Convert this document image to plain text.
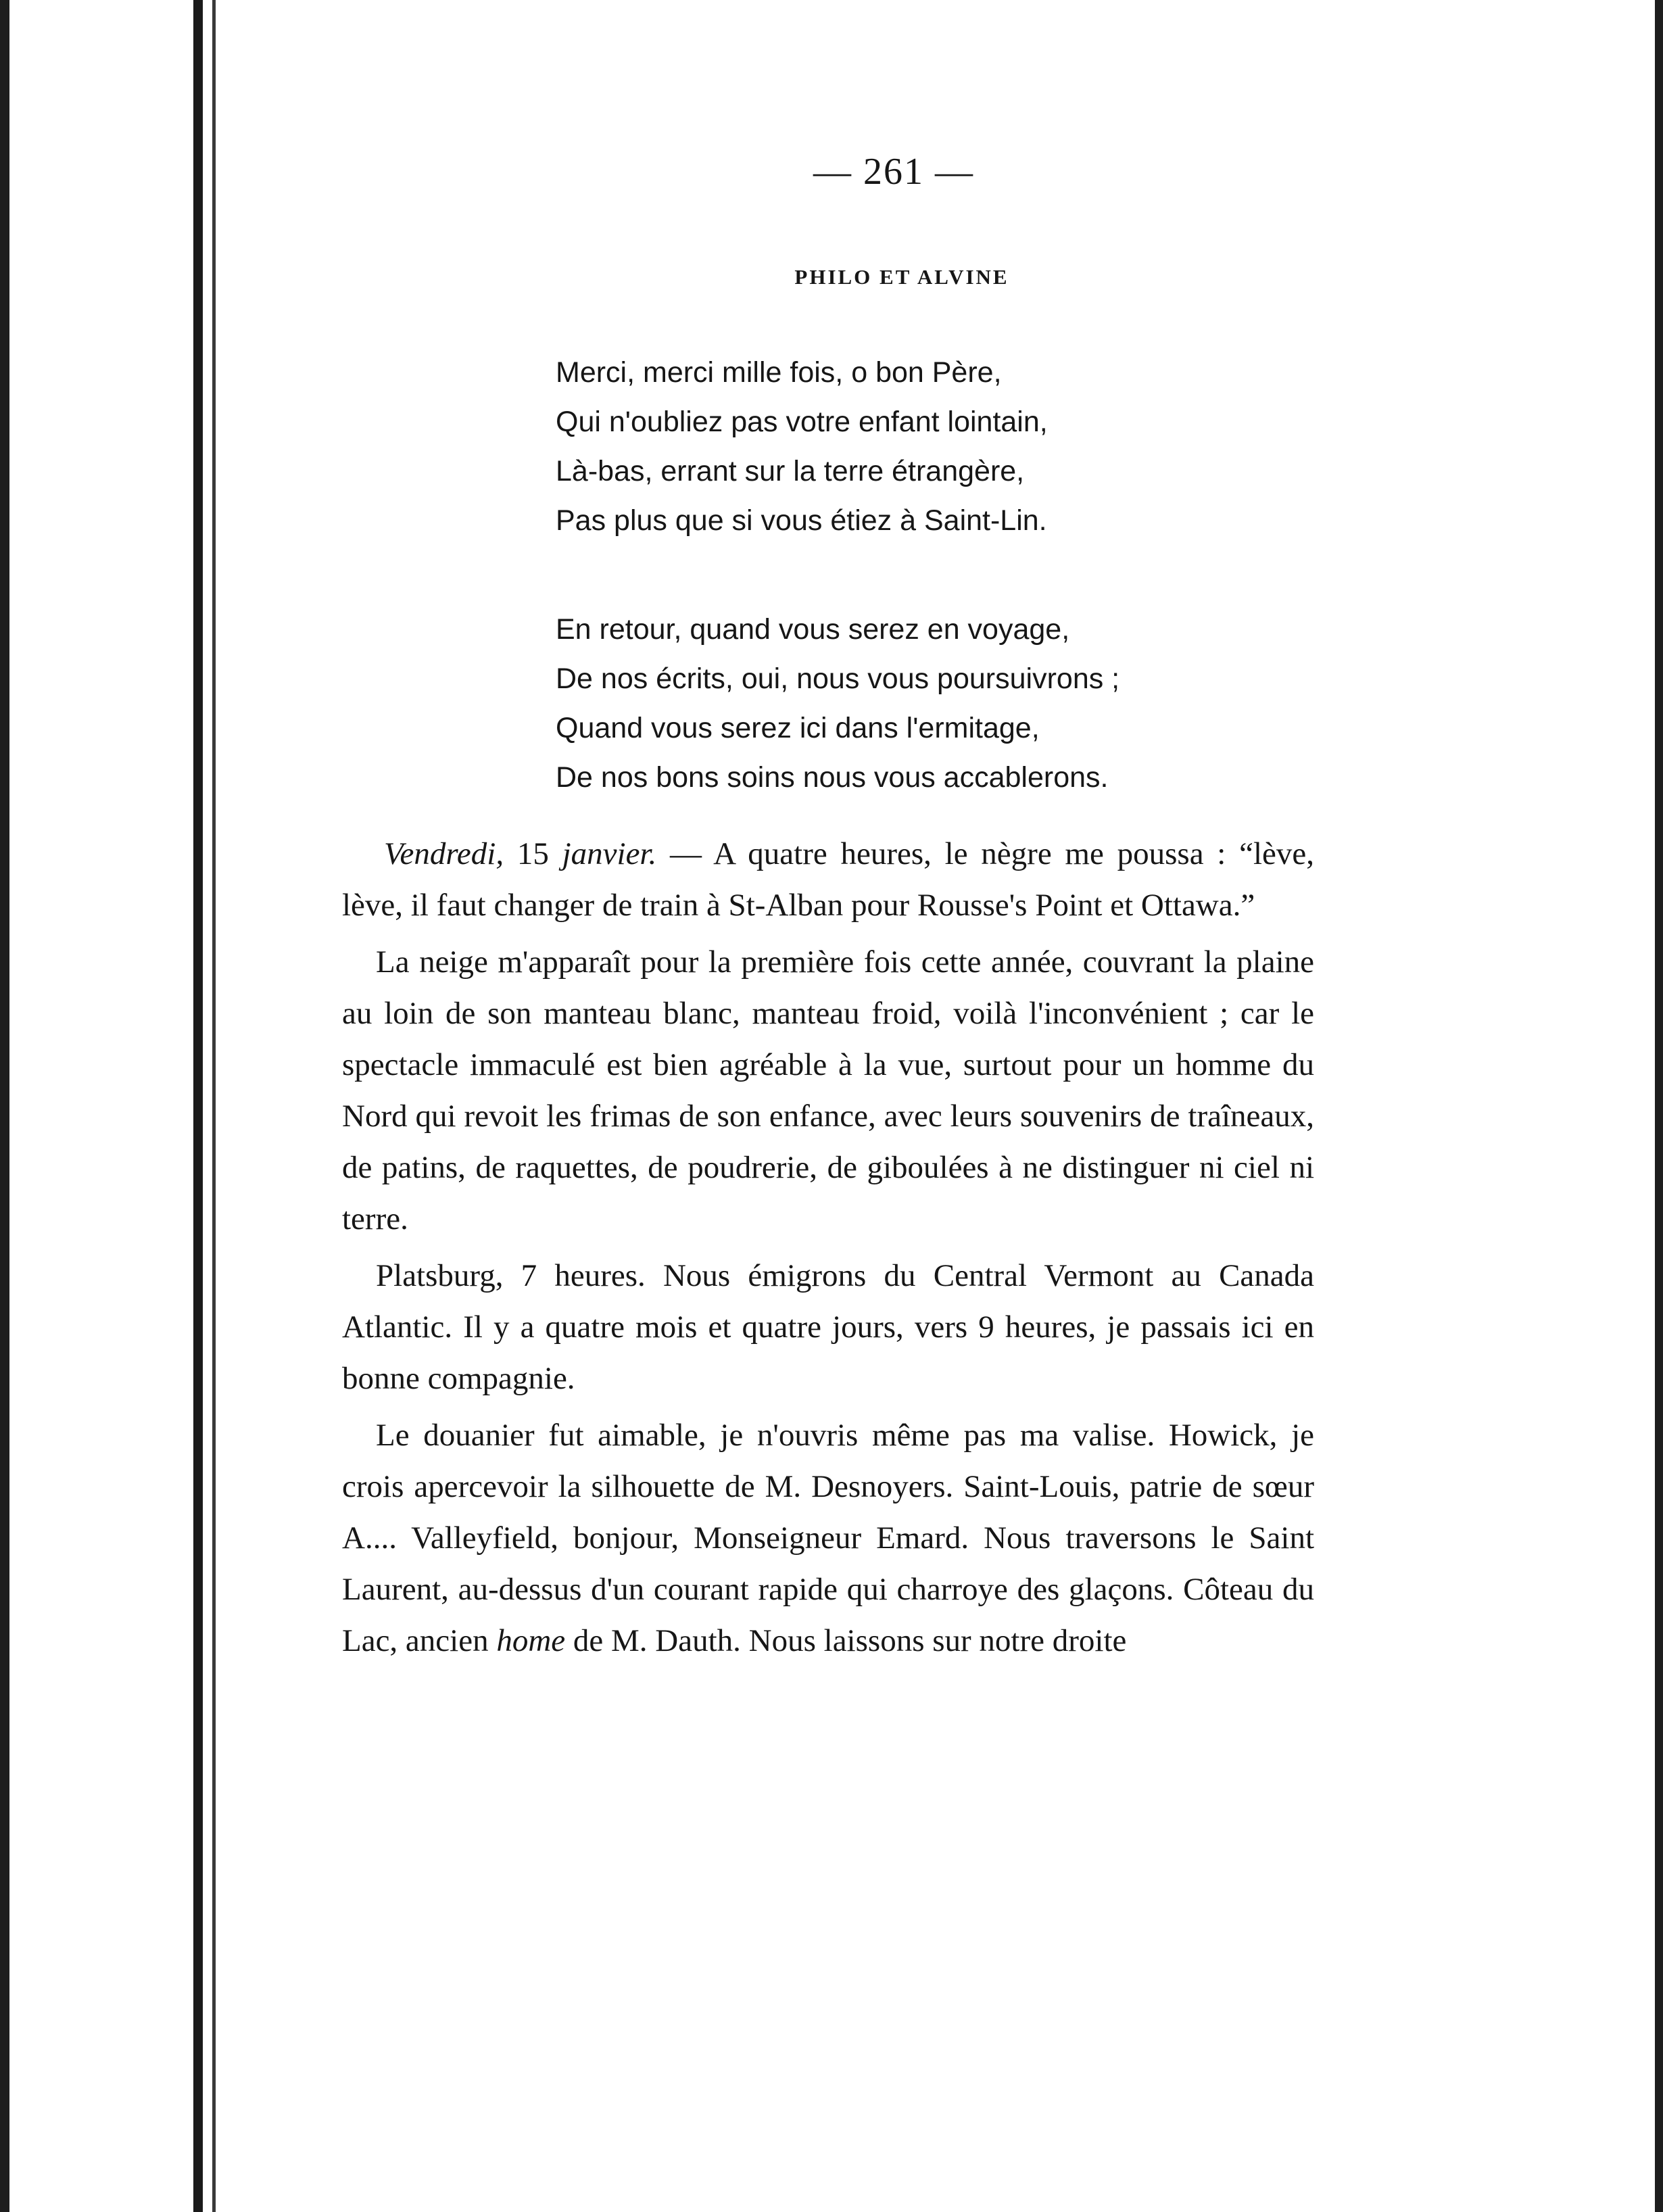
— 261 —
PHILO ET ALVINE
Merci, merci mille fois, o bon Père,
Qui n'oubliez pas votre enfant lointain,
Là-bas, errant sur la terre étrangère,
Pas plus que si vous étiez à Saint-Lin.
En retour, quand vous serez en voyage,
De nos écrits, oui, nous vous poursuivrons ;
Quand vous serez ici dans l'ermitage,
De nos bons soins nous vous accablerons.

Vendredi, 15 janvier. — A quatre heures, le nègre me poussa : “lève, lève, il faut changer de train à St-Alban pour Rousse's Point et Ottawa.”

La neige m'apparaît pour la première fois cette année, couvrant la plaine au loin de son manteau blanc, manteau froid, voilà l'inconvénient ; car le spectacle immaculé est bien agréable à la vue, surtout pour un homme du Nord qui revoit les frimas de son enfance, avec leurs souvenirs de traîneaux, de patins, de raquettes, de poudrerie, de giboulées à ne distinguer ni ciel ni terre.

Platsburg, 7 heures. Nous émigrons du Central Vermont au Canada Atlantic. Il y a quatre mois et quatre jours, vers 9 heures, je passais ici en bonne compagnie.

Le douanier fut aimable, je n'ouvris même pas ma valise. Howick, je crois apercevoir la silhouette de M. Desnoyers. Saint-Louis, patrie de sœur A.... Valleyfield, bonjour, Monseigneur Emard. Nous traversons le Saint Laurent, au-dessus d'un courant rapide qui charroye des glaçons. Côteau du Lac, ancien home de M. Dauth. Nous laissons sur notre droite
